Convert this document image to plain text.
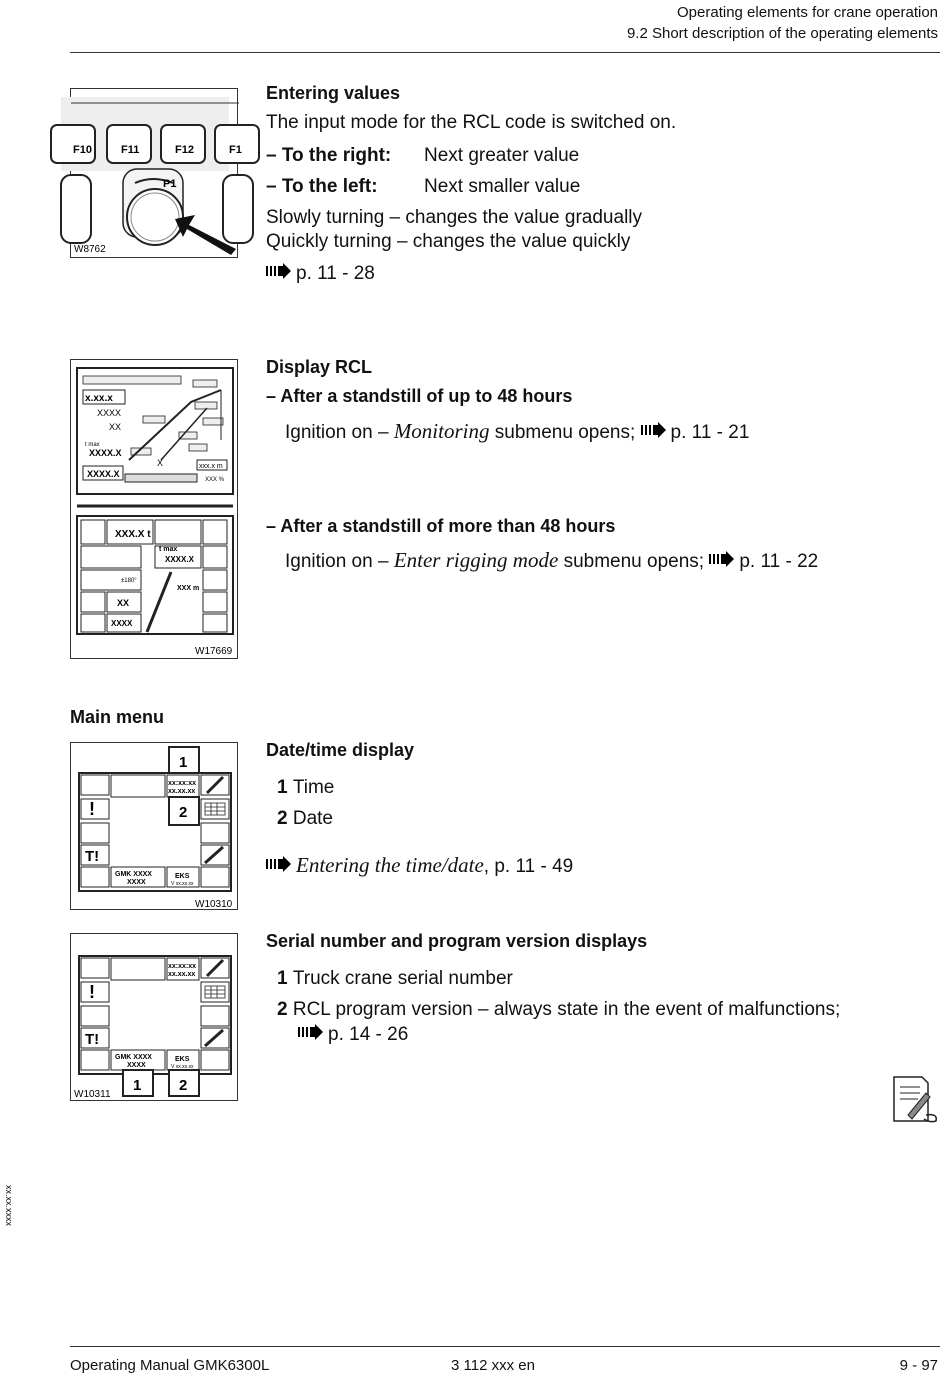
Operating elements for crane operation
9.2 Short description of the operating elements
F10	F11	F12	F1
P1
W8762
Entering values
The input mode for the RCL code is switched on.
– To the right: Next greater value
– To the left: Next smaller value
Slowly turning – changes the value gradually
Quickly turning – changes the value quickly
p. 11 - 28
x.xx.x
XXXX
XX
t max
XXXX.X
XXXX.X
X	xxx.x m
XXX %
XXX.X t
t max
XXXX.X
±180°
XXX m
XX
XXXX
W17669
Display RCL
– After a standstill of up to 48 hours
Ignition on – Monitoring submenu opens; p. 11 - 21
– After a standstill of more than 48 hours
Ignition on – Enter rigging mode submenu opens; p. 11 - 22
Main menu
1
2
xx:xx:xx
xx.xx.xx
!
T!
GMK XXXX
XXXX
EKS
V xx.xx.xx
W10310
Date/time display
1 Time
2 Date
Entering the time/date, p. 11 - 49
xx:xx:xx
xx.xx.xx
!
T!
GMK XXXX
XXXX
EKS
V xx.xx.xx
1	2
W10311
Serial number and program version displays
1 Truck crane serial number
2 RCL program version – always state in the event of malfunctions;
p. 14 - 26
xx.xx.xxxx
Operating Manual GMK6300L	3 112 xxx en	9 - 97
